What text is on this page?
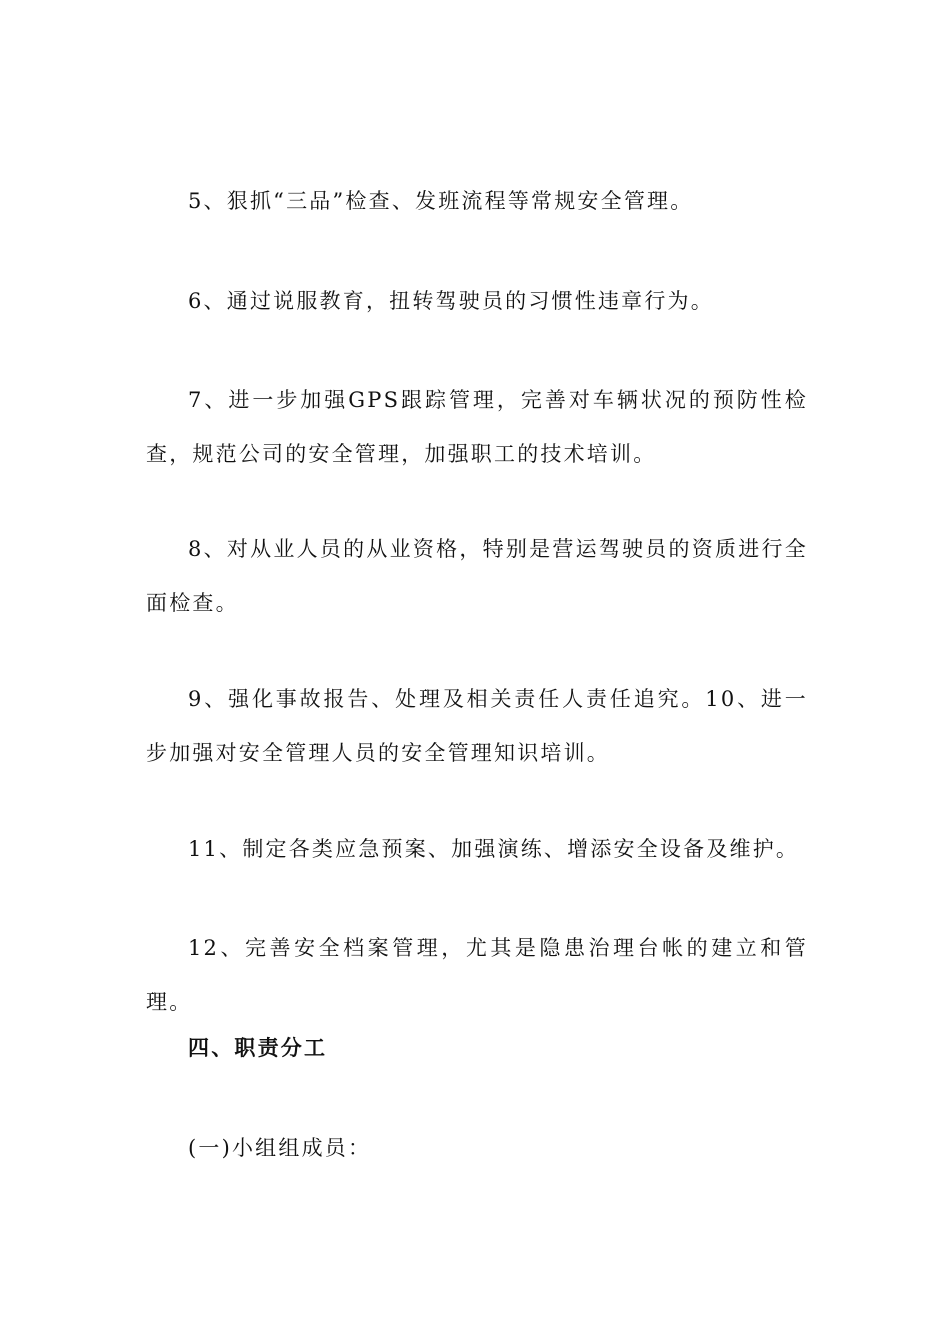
5、狠抓“三品”检查、发班流程等常规安全管理。

6、通过说服教育，扭转驾驶员的习惯性违章行为。

7、进一步加强GPS跟踪管理，完善对车辆状况的预防性检查，规范公司的安全管理，加强职工的技术培训。

8、对从业人员的从业资格，特别是营运驾驶员的资质进行全面检查。

9、强化事故报告、处理及相关责任人责任追究。10、进一步加强对安全管理人员的安全管理知识培训。

11、制定各类应急预案、加强演练、增添安全设备及维护。

12、完善安全档案管理，尤其是隐患治理台帐的建立和管理。

四、职责分工

(一)小组组成员：
